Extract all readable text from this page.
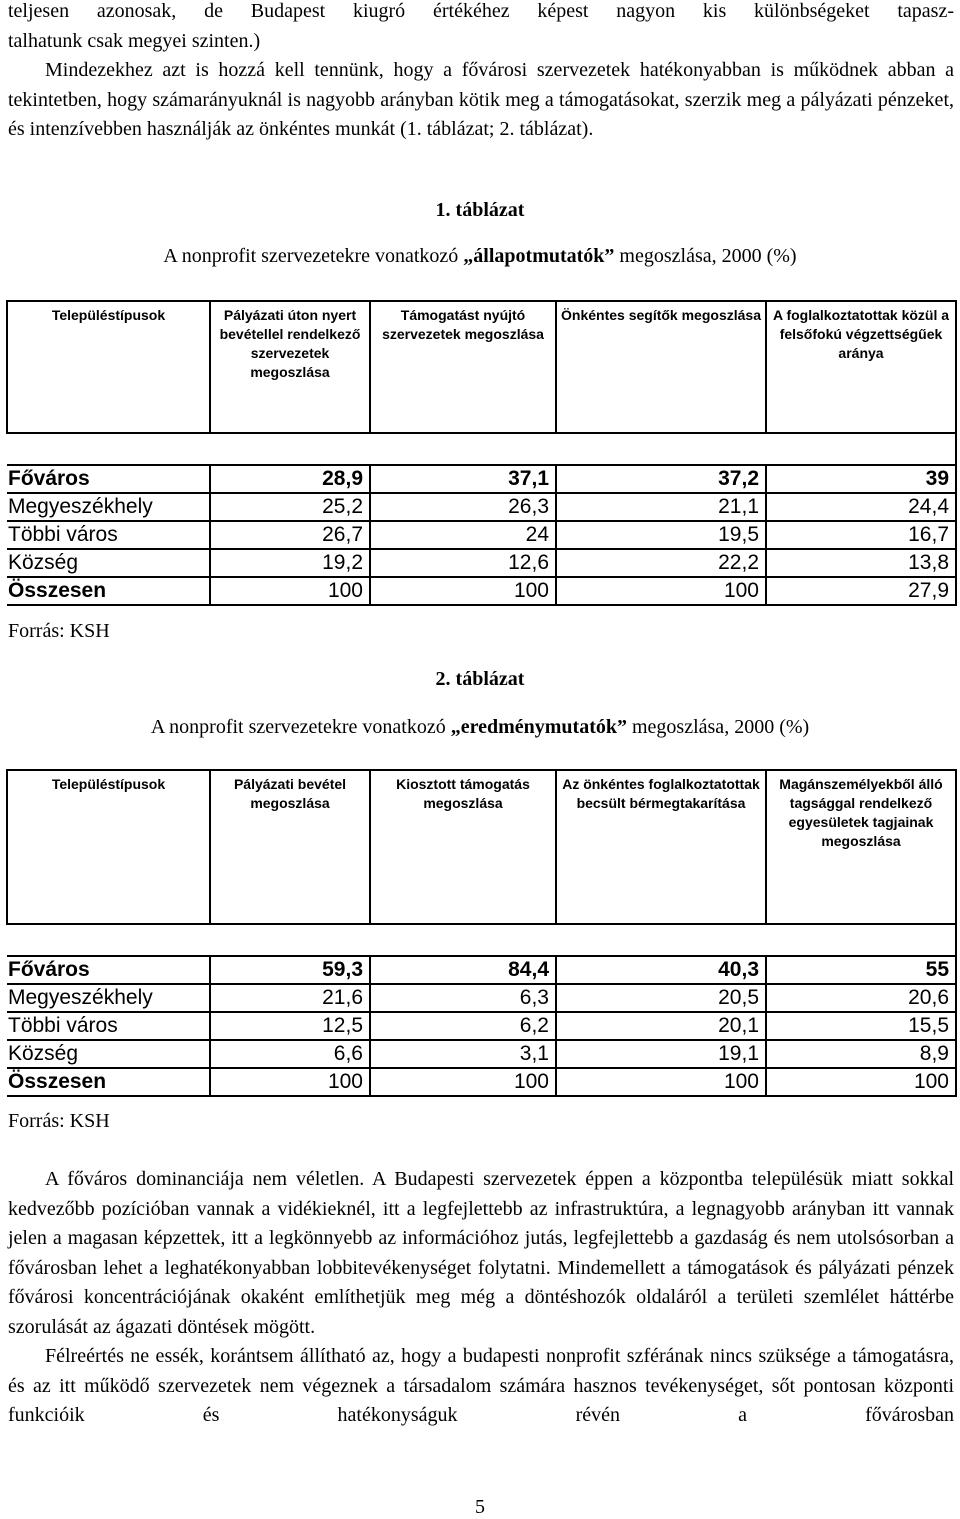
teljesen azonosak, de Budapest kiugró értékéhez képest nagyon kis különbségeket tapasz-

talhatunk csak megyei szinten.)

Mindezekhez azt is hozzá kell tennünk, hogy a fővárosi szervezetek hatékonyabban is működnek abban a tekintetben, hogy számarányuknál is nagyobb arányban kötik meg a támogatásokat, szerzik meg a pályázati pénzeket, és intenzívebben használják az önkéntes munkát (1. táblázat; 2. táblázat).

1. táblázat
A nonprofit szervezetekre vonatkozó „állapotmutatók” megoszlása, 2000 (%)
Településtípusok	Pályázati úton nyert bevétellel rendelkező szervezetek megoszlása	Támogatást nyújtó szervezetek megoszlása	Önkéntes segítők megoszlása	A foglalkoztatottak közül a felsőfokú végzettségűek aránya

Főváros	28,9	37,1	37,2	39
Megyeszékhely	25,2	26,3	21,1	24,4
Többi város	26,7	24	19,5	16,7
Község	19,2	12,6	22,2	13,8
Összesen	100	100	100	27,9
Forrás: KSH
2. táblázat
A nonprofit szervezetekre vonatkozó „eredménymutatók” megoszlása, 2000 (%)
Településtípusok	Pályázati bevétel megoszlása	Kiosztott támogatás megoszlása	Az önkéntes foglalkoztatottak becsült bérmegtakarítása	Magánszemélyekből álló tagsággal rendelkező egyesületek tagjainak megoszlása

Főváros	59,3	84,4	40,3	55
Megyeszékhely	21,6	6,3	20,5	20,6
Többi város	12,5	6,2	20,1	15,5
Község	6,6	3,1	19,1	8,9
Összesen	100	100	100	100
Forrás: KSH

A főváros dominanciája nem véletlen. A Budapesti szervezetek éppen a központba településük miatt sokkal kedvezőbb pozícióban vannak a vidékieknél, itt a legfejlettebb az infrastruktúra, a legnagyobb arányban itt vannak jelen a magasan képzettek, itt a legkönnyebb az információhoz jutás, legfejlettebb a gazdaság és nem utolsósorban a fővárosban lehet a leghatékonyabban lobbitevékenységet folytatni. Mindemellett a támogatások és pályázati pénzek fővárosi koncentrációjának okaként említhetjük meg még a döntéshozók oldaláról a területi szemlélet háttérbe szorulását az ágazati döntések mögött.

Félreértés ne essék, korántsem állítható az, hogy a budapesti nonprofit szférának nincs szüksége a támogatásra, és az itt működő szervezetek nem végeznek a társadalom számára hasznos tevékenységet, sőt pontosan központi funkcióik és hatékonyságuk révén a fővárosban

5
